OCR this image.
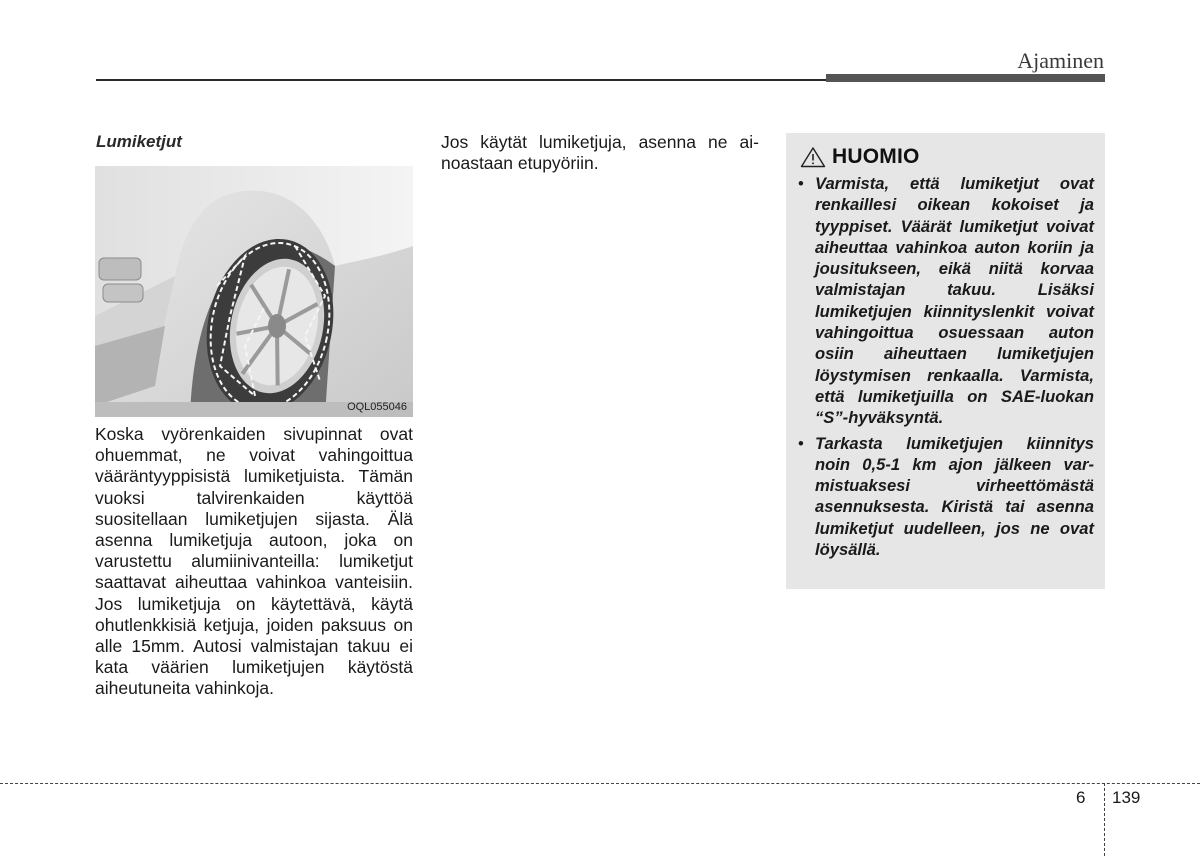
Ajaminen
Lumiketjut
OQL055046
Koska vyörenkaiden sivupinnat ovat ohuemmat, ne voivat vahingoittua vääräntyyppisistä lumiketjuista. Tämän vuoksi talvirenkaiden käyttöä suositellaan lumiketjujen sijasta. Älä asenna lumiketjuja autoon, joka on varustettu alumiinivanteilla: lumiketjut saattavat aiheuttaa vahinkoa vanteisiin. Jos lumiketjuja on käytettävä, käytä ohutlenkkisiä ketjuja, joiden paksuus on alle 15mm. Autosi valmistajan takuu ei kata väärien lumiketjujen käytöstä aiheutuneita vahinkoja.
Jos käytät lumiketjuja, asenna ne ainoastaan etupyöriin.	HUOMIO
• Varmista, että lumiketjut ovat renkaillesi oikean kokoiset ja tyyppiset. Väärät lumiketjut voivat aiheuttaa vahinkoa auton koriin ja jousitukseen, eikä niitä korvaa valmistajan takuu. Lisäksi lumiketjujen kiinnityslenkit voivat vahingoittua osuessaan auton osiin aiheuttaen lumiketjujen löystymisen renkaalla. Varmista, että lumiketjuilla on SAE-luokan “S”-hyväksyntä.
• Tarkasta lumiketjujen kiinnitys noin 0,5-1 km ajon jälkeen varmistuaksesi virheettömästä asennuksesta. Kiristä tai asenna lumiketjut uudelleen, jos ne ovat löysällä.
6 139
